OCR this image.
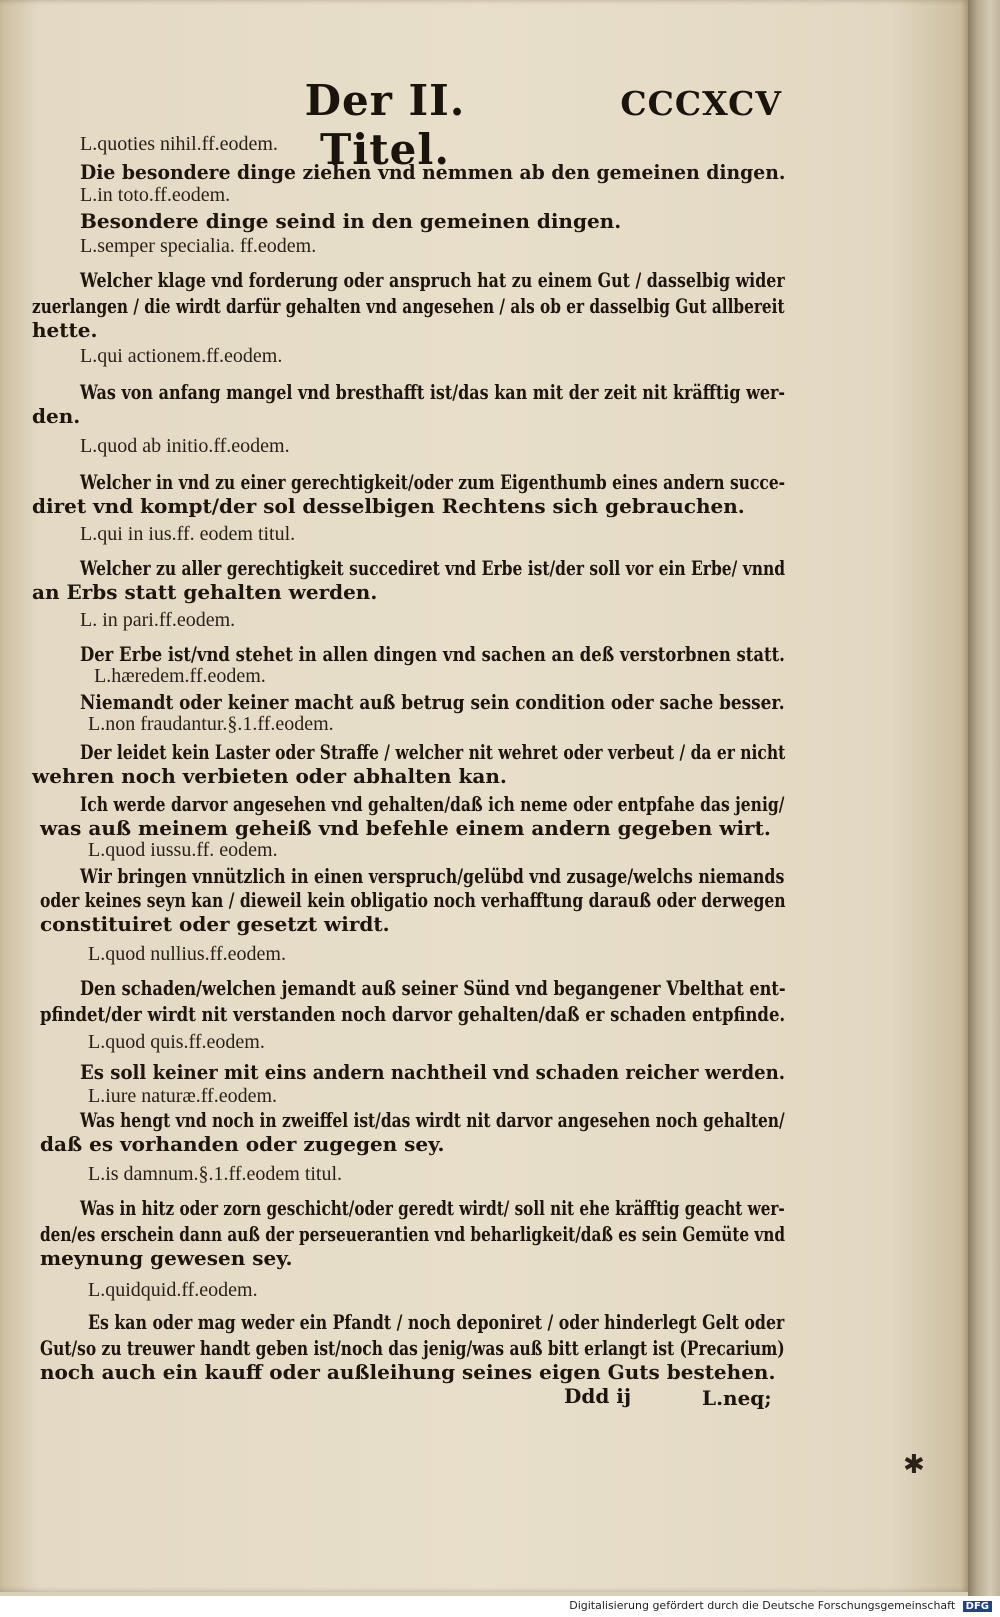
Der II. Titel.
CCCXCV
L.quoties nihil.ff.eodem.
Die besondere dinge ziehen vnd nemmen ab den gemeinen dingen.
L.in toto.ff.eodem.
Besondere dinge seind in den gemeinen dingen.
L.semper specialia. ff.eodem.
Welcher klage vnd forderung oder anspruch hat zu einem Gut / dasselbig wider
zuerlangen / die wirdt darfür gehalten vnd angesehen / als ob er dasselbig Gut allbereit
hette.
L.qui actionem.ff.eodem.
Was von anfang mangel vnd bresthafft ist/das kan mit der zeit nit kräfftig wer-
den.
L.quod ab initio.ff.eodem.
Welcher in vnd zu einer gerechtigkeit/oder zum Eigenthumb eines andern succe-
diret vnd kompt/der sol desselbigen Rechtens sich gebrauchen.
L.qui in ius.ff. eodem titul.
Welcher zu aller gerechtigkeit succediret vnd Erbe ist/der soll vor ein Erbe/ vnnd
an Erbs statt gehalten werden.
L. in pari.ff.eodem.
Der Erbe ist/vnd stehet in allen dingen vnd sachen an deß verstorbnen statt.
L.hæredem.ff.eodem.
Niemandt oder keiner macht auß betrug sein condition oder sache besser.
L.non fraudantur.§.1.ff.eodem.
Der leidet kein Laster oder Straffe / welcher nit wehret oder verbeut / da er nicht
wehren noch verbieten oder abhalten kan.
Ich werde darvor angesehen vnd gehalten/daß ich neme oder entpfahe das jenig/
was auß meinem geheiß vnd befehle einem andern gegeben wirt.
L.quod iussu.ff. eodem.
Wir bringen vnnützlich in einen verspruch/gelübd vnd zusage/welchs niemands
oder keines seyn kan / dieweil kein obligatio noch verhafftung darauß oder derwegen
constituiret oder gesetzt wirdt.
L.quod nullius.ff.eodem.
Den schaden/welchen jemandt auß seiner Sünd vnd begangener Vbelthat ent-
pfindet/der wirdt nit verstanden noch darvor gehalten/daß er schaden entpfinde.
L.quod quis.ff.eodem.
Es soll keiner mit eins andern nachtheil vnd schaden reicher werden.
L.iure naturæ.ff.eodem.
Was hengt vnd noch in zweiffel ist/das wirdt nit darvor angesehen noch gehalten/
daß es vorhanden oder zugegen sey.
L.is damnum.§.1.ff.eodem titul.
Was in hitz oder zorn geschicht/oder geredt wirdt/ soll nit ehe kräfftig geacht wer-
den/es erschein dann auß der perseuerantien vnd beharligkeit/daß es sein Gemüte vnd
meynung gewesen sey.
L.quidquid.ff.eodem.
Es kan oder mag weder ein Pfandt / noch deponiret / oder hinderlegt Gelt oder
Gut/so zu treuwer handt geben ist/noch das jenig/was auß bitt erlangt ist (Precarium)
noch auch ein kauff oder außleihung seines eigen Guts bestehen.
Ddd ij	L.neq;
✱
Digitalisierung gefördert durch die Deutsche Forschungsgemeinschaft DFG
